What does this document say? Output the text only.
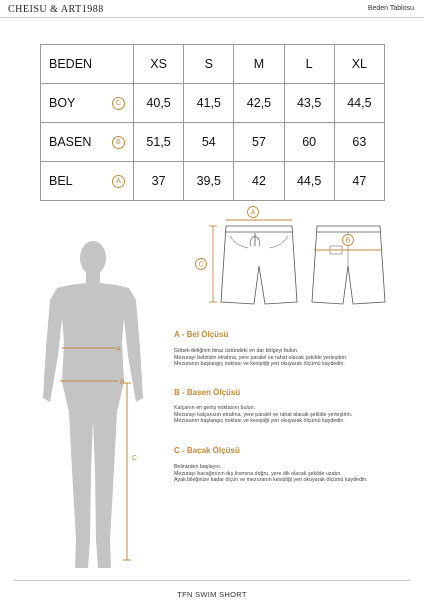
CHEISU & ART1988	Beden Tablosu
BEDEN	XS	S	M	L	XL
BOY C	40,5	41,5	42,5	43,5	44,5
BASEN B	51,5	54	57	60	63
BEL A	37	39,5	42	44,5	47
A
B
C
A
B
C
A - Bel Ölçüsü
Göbek deliğinin biraz üstündeki en dar bölgeyi bulun.
Mezurayı belinizin etrafına, yere paralel ve rahat olacak şekilde yerleştirin.
Mezuranın başlangıç noktası ve kesiştiği yeri okuyarak ölçümü kaydedin.
B - Basen Ölçüsü
Kalçanın en geniş noktasını bulun.
Mezurayı kalçanızın etrafına, yere paralel ve rahat olacak şekilde yerleştirin.
Mezuranın başlangıç noktası ve kesiştiği yeri okuyarak ölçümü kaydedin.
C - Bacak Ölçüsü
Belinizden başlayın.
Mezurayı bacağınızın dış kısmına doğru, yere dik olacak şekilde uzatın.
Ayak bileğinize kadar ölçün ve mezuranın kesiştiği yeri okuyarak ölçümü kaydedin.
TFN SWIM SHORT
